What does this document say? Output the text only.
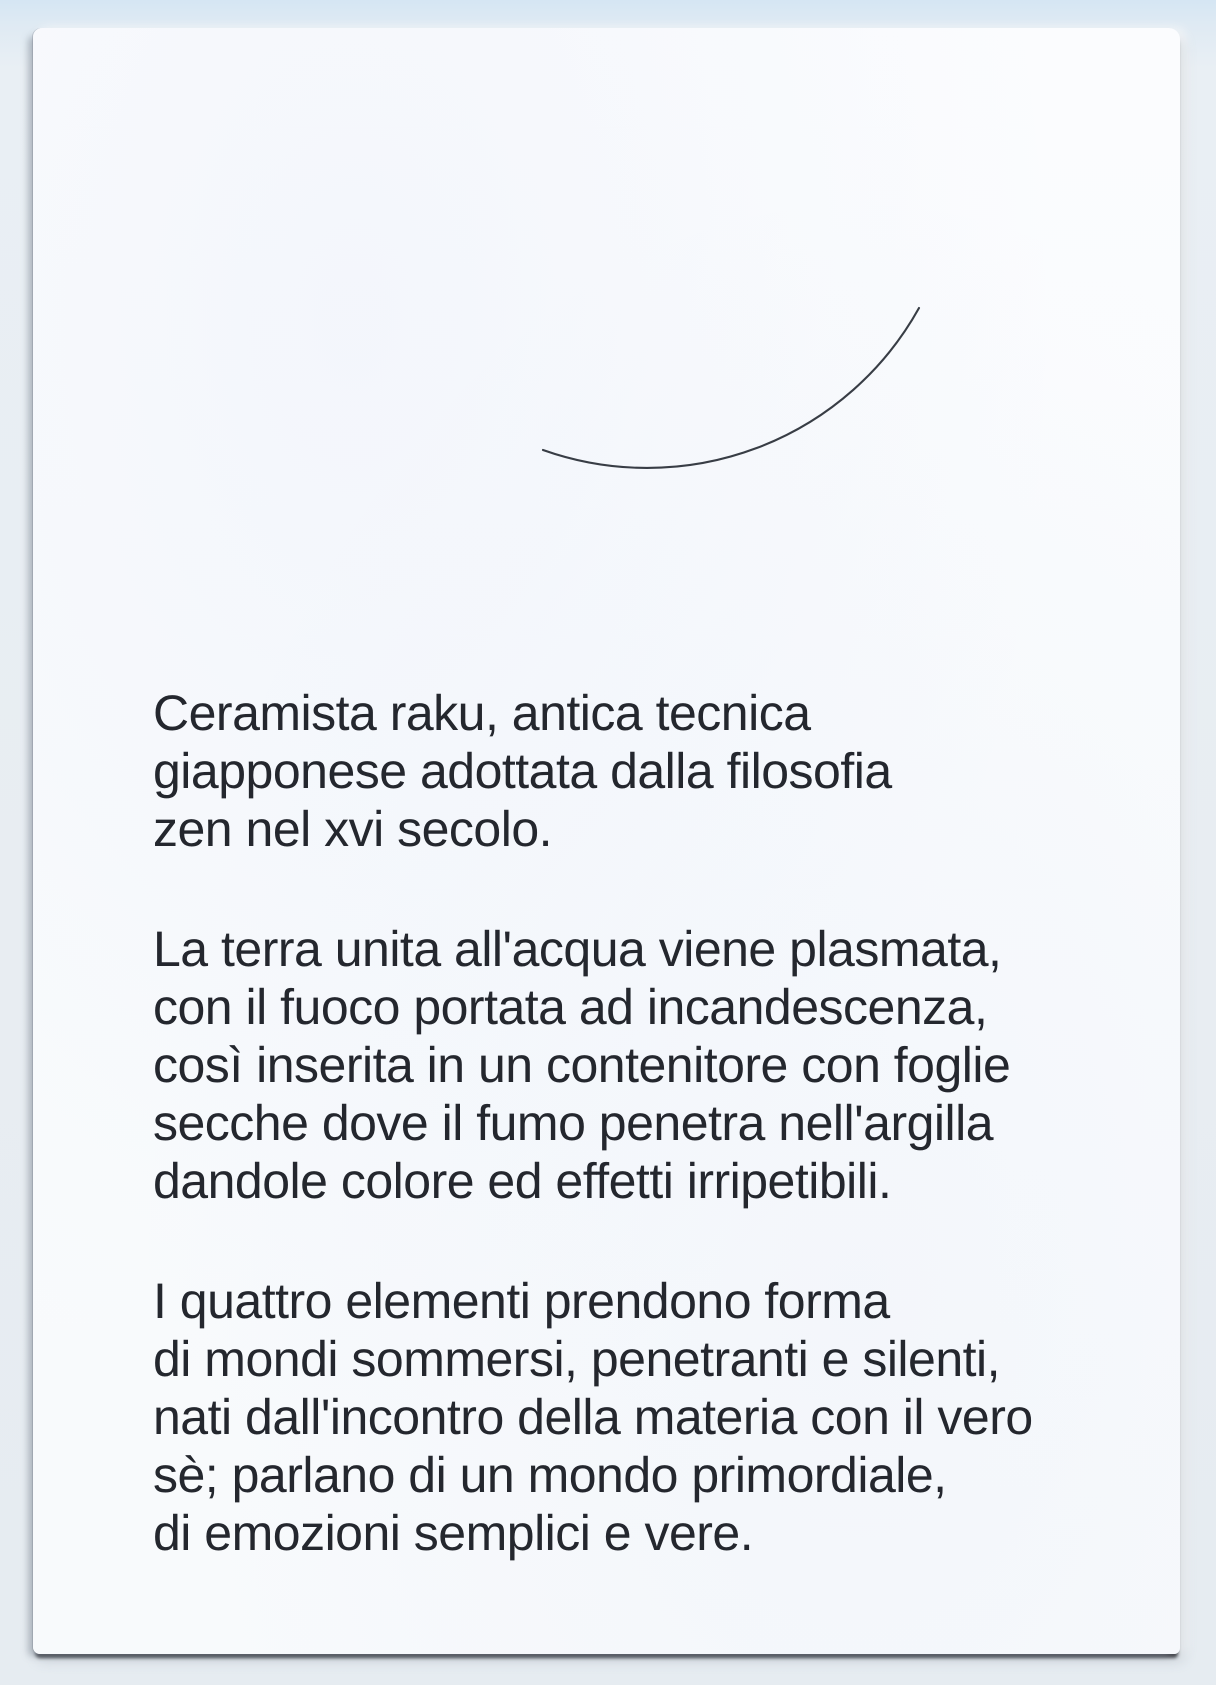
Ceramista raku, antica tecnica
giapponese adottata dalla filosofia
zen nel xvi secolo.
La terra unita all'acqua viene plasmata,
con il fuoco portata ad incandescenza,
così inserita in un contenitore con foglie
secche dove il fumo penetra nell'argilla
dandole colore ed effetti irripetibili.
I quattro elementi prendono forma
di mondi sommersi, penetranti e silenti,
nati dall'incontro della materia con il vero
sè; parlano di un mondo primordiale,
di emozioni semplici e vere.
